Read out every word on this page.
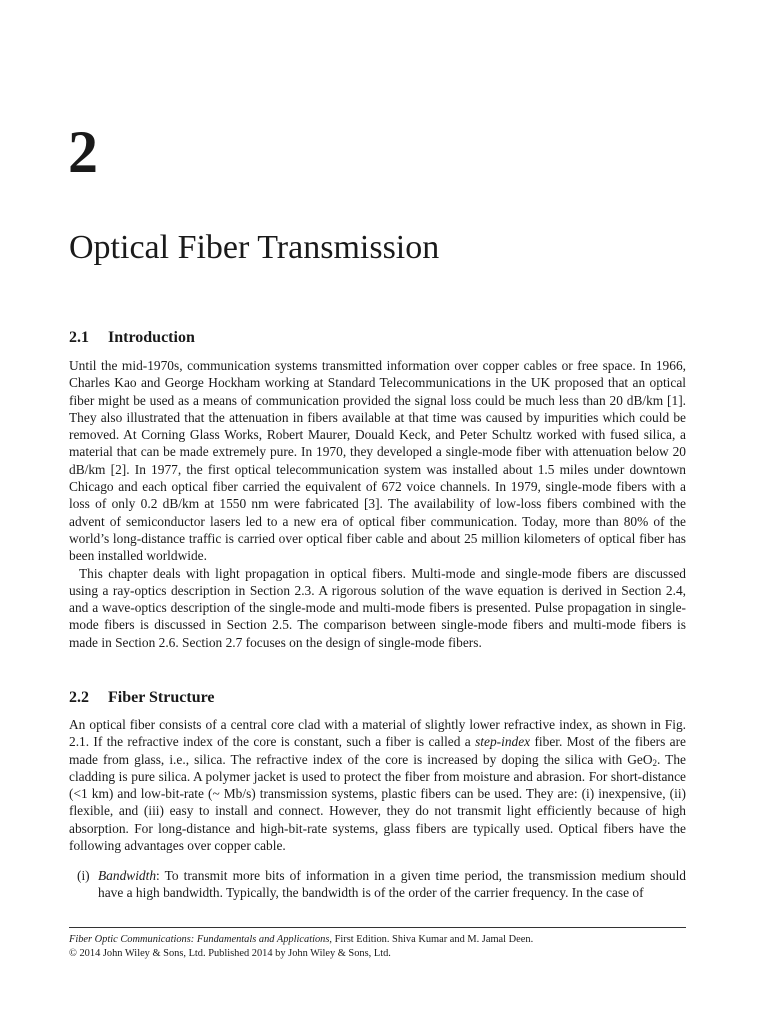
2
Optical Fiber Transmission
2.1 Introduction

Until the mid-1970s, communication systems transmitted information over copper cables or free space. In 1966, Charles Kao and George Hockham working at Standard Telecommunications in the UK proposed that an optical fiber might be used as a means of communication provided the signal loss could be much less than 20 dB/km [1]. They also illustrated that the attenuation in fibers available at that time was caused by impurities which could be removed. At Corning Glass Works, Robert Maurer, Douald Keck, and Peter Schultz worked with fused silica, a material that can be made extremely pure. In 1970, they developed a single-mode fiber with attenuation below 20 dB/km [2]. In 1977, the first optical telecommunication system was installed about 1.5 miles under downtown Chicago and each optical fiber carried the equivalent of 672 voice channels. In 1979, single-mode fibers with a loss of only 0.2 dB/km at 1550 nm were fabricated [3]. The availability of low-loss fibers combined with the advent of semiconductor lasers led to a new era of optical fiber communication. Today, more than 80% of the world’s long-distance traffic is carried over optical fiber cable and about 25 million kilometers of optical fiber has been installed worldwide.

This chapter deals with light propagation in optical fibers. Multi-mode and single-mode fibers are discussed using a ray-optics description in Section 2.3. A rigorous solution of the wave equation is derived in Section 2.4, and a wave-optics description of the single-mode and multi-mode fibers is presented. Pulse propagation in single-mode fibers is discussed in Section 2.5. The comparison between single-mode fibers and multi-mode fibers is made in Section 2.6. Section 2.7 focuses on the design of single-mode fibers.

2.2 Fiber Structure

An optical fiber consists of a central core clad with a material of slightly lower refractive index, as shown in Fig. 2.1. If the refractive index of the core is constant, such a fiber is called a step-index fiber. Most of the fibers are made from glass, i.e., silica. The refractive index of the core is increased by doping the silica with GeO$_2$. The cladding is pure silica. A polymer jacket is used to protect the fiber from moisture and abrasion. For short-distance (<1 km) and low-bit-rate (~ Mb/s) transmission systems, plastic fibers can be used. They are: (i) inexpensive, (ii) flexible, and (iii) easy to install and connect. However, they do not transmit light efficiently because of high absorption. For long-distance and high-bit-rate systems, glass fibers are typically used. Optical fibers have the following advantages over copper cable.

(i) Bandwidth: To transmit more bits of information in a given time period, the transmission medium should have a high bandwidth. Typically, the bandwidth is of the order of the carrier frequency. In the case of

Fiber Optic Communications: Fundamentals and Applications, First Edition. Shiva Kumar and M. Jamal Deen.

© 2014 John Wiley & Sons, Ltd. Published 2014 by John Wiley & Sons, Ltd.
